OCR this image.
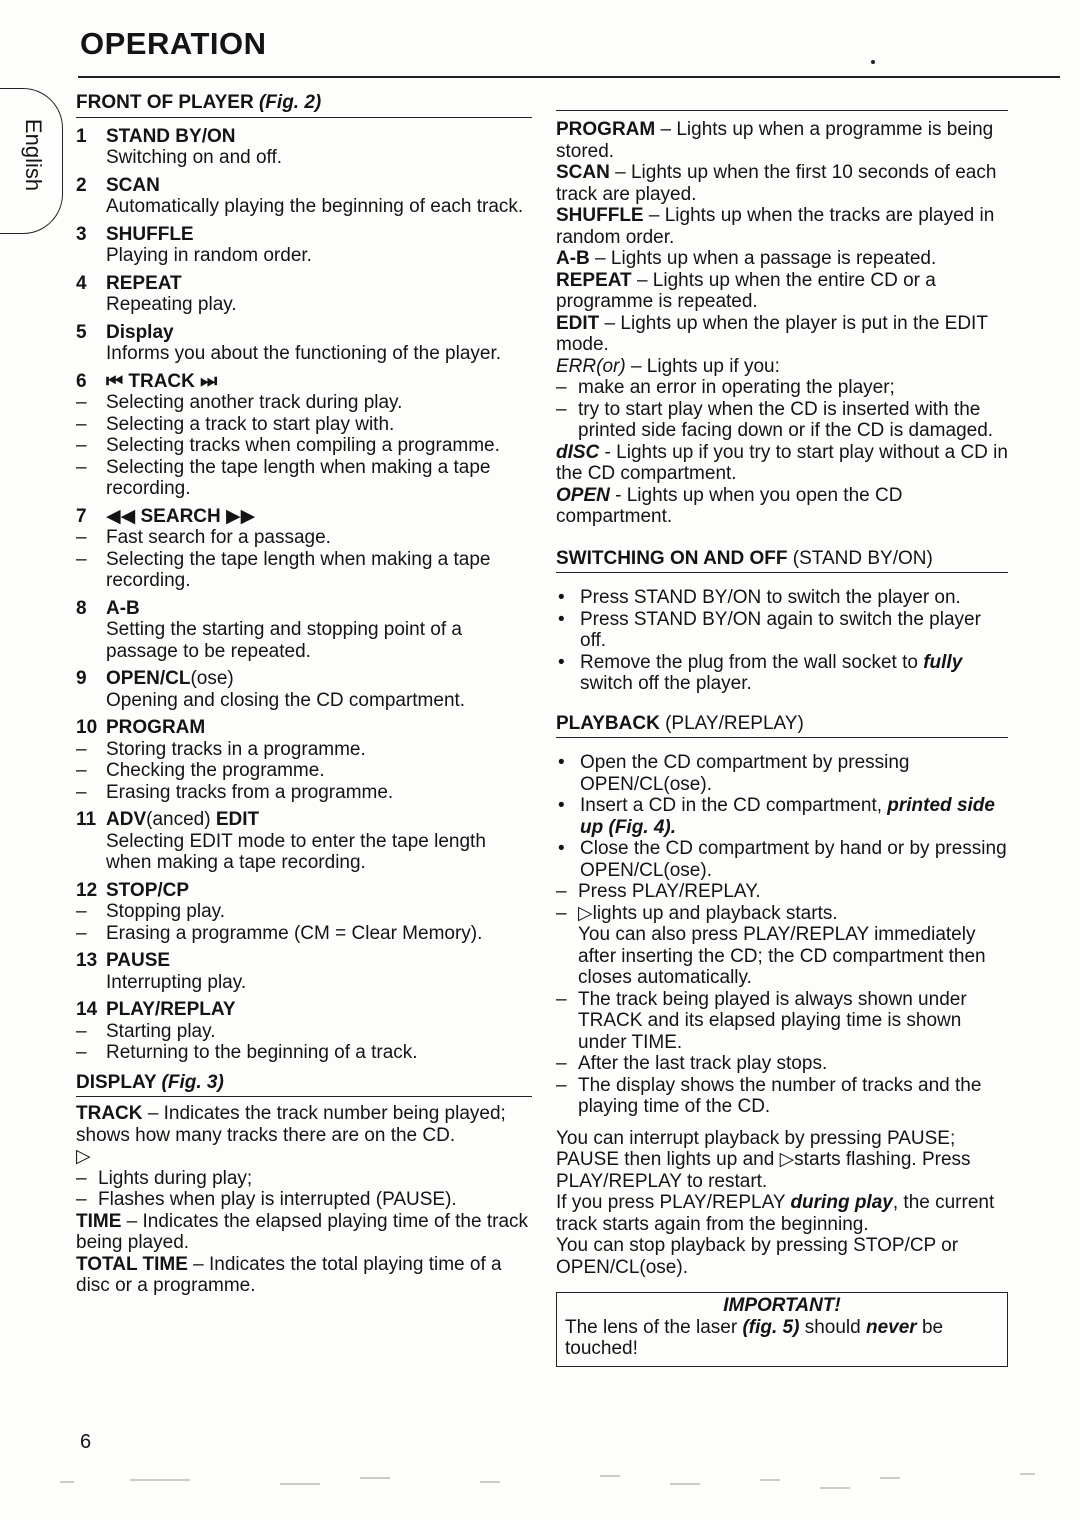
OPERATION
English
FRONT OF PLAYER (Fig. 2)
1	STAND BY/ON
Switching on and off.
2	SCAN
Automatically playing the beginning of each track.
3	SHUFFLE
Playing in random order.
4	REPEAT
Repeating play.
5	Display
Informs you about the functioning of the player.
6	⏮ TRACK ⏭
–	Selecting another track during play.
–	Selecting a track to start play with.
–	Selecting tracks when compiling a programme.
–	Selecting the tape length when making a tape recording.
7	◀◀ SEARCH ▶▶
–	Fast search for a passage.
–	Selecting the tape length when making a tape recording.
8	A-B
Setting the starting and stopping point of a passage to be repeated.
9	OPEN/CL(ose)
Opening and closing the CD compartment.
10 PROGRAM
–	Storing tracks in a programme.
–	Checking the programme.
–	Erasing tracks from a programme.
11 ADV(anced) EDIT
Selecting EDIT mode to enter the tape length when making a tape recording.
12 STOP/CP
–	Stopping play.
–	Erasing a programme (CM = Clear Memory).
13 PAUSE
Interrupting play.
14 PLAY/REPLAY
–	Starting play.
–	Returning to the beginning of a track.
DISPLAY (Fig. 3)
TRACK – Indicates the track number being played; shows how many tracks there are on the CD.
▷
– Lights during play;
– Flashes when play is interrupted (PAUSE).
TIME – Indicates the elapsed playing time of the track being played.
TOTAL TIME – Indicates the total playing time of a disc or a programme.
PROGRAM – Lights up when a programme is being stored.
SCAN – Lights up when the first 10 seconds of each track are played.
SHUFFLE – Lights up when the tracks are played in random order.
A-B – Lights up when a passage is repeated.
REPEAT – Lights up when the entire CD or a programme is repeated.
EDIT – Lights up when the player is put in the EDIT mode.
ERR(or) – Lights up if you:
– make an error in operating the player;
– try to start play when the CD is inserted with the printed side facing down or if the CD is damaged.
dISC - Lights up if you try to start play without a CD in the CD compartment.
OPEN - Lights up when you open the CD compartment.
SWITCHING ON AND OFF (STAND BY/ON)
• Press STAND BY/ON to switch the player on.
• Press STAND BY/ON again to switch the player off.
• Remove the plug from the wall socket to fully switch off the player.
PLAYBACK (PLAY/REPLAY)
• Open the CD compartment by pressing OPEN/CL(ose).
• Insert a CD in the CD compartment, printed side up (Fig. 4).
• Close the CD compartment by hand or by pressing OPEN/CL(ose).
– Press PLAY/REPLAY.
– ▷lights up and playback starts.
You can also press PLAY/REPLAY immediately after inserting the CD; the CD compartment then closes automatically.
– The track being played is always shown under TRACK and its elapsed playing time is shown under TIME.
– After the last track play stops.
– The display shows the number of tracks and the playing time of the CD.
You can interrupt playback by pressing PAUSE; PAUSE then lights up and ▷starts flashing. Press PLAY/REPLAY to restart.
If you press PLAY/REPLAY during play, the current track starts again from the beginning.
You can stop playback by pressing STOP/CP or OPEN/CL(ose).
IMPORTANT!
The lens of the laser (fig. 5) should never be touched!
6
